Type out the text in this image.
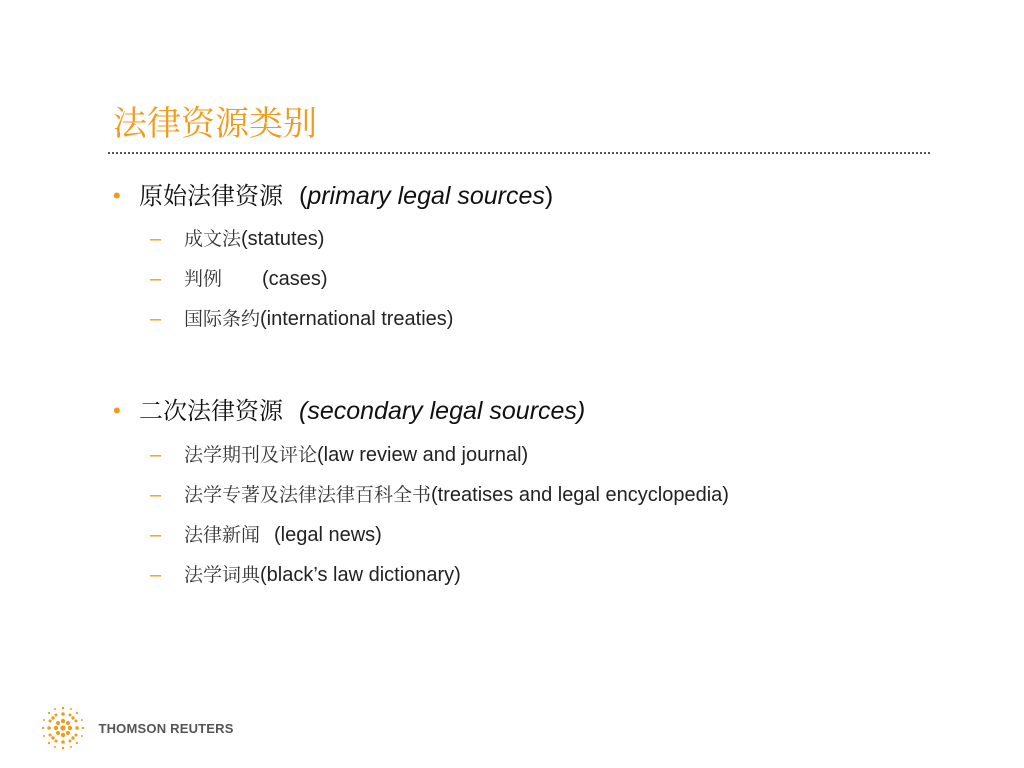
法律资源类别
• 原始法律资源 (primary legal sources)
– 成文法(statutes)
– 判例 (cases)
– 国际条约(international treaties)
• 二次法律资源 (secondary legal sources)
– 法学期刊及评论(law review and journal)
– 法学专著及法律法律百科全书(treatises and legal encyclopedia)
– 法律新闻 (legal news)
– 法学词典(black’s law dictionary)
THOMSON REUTERS
